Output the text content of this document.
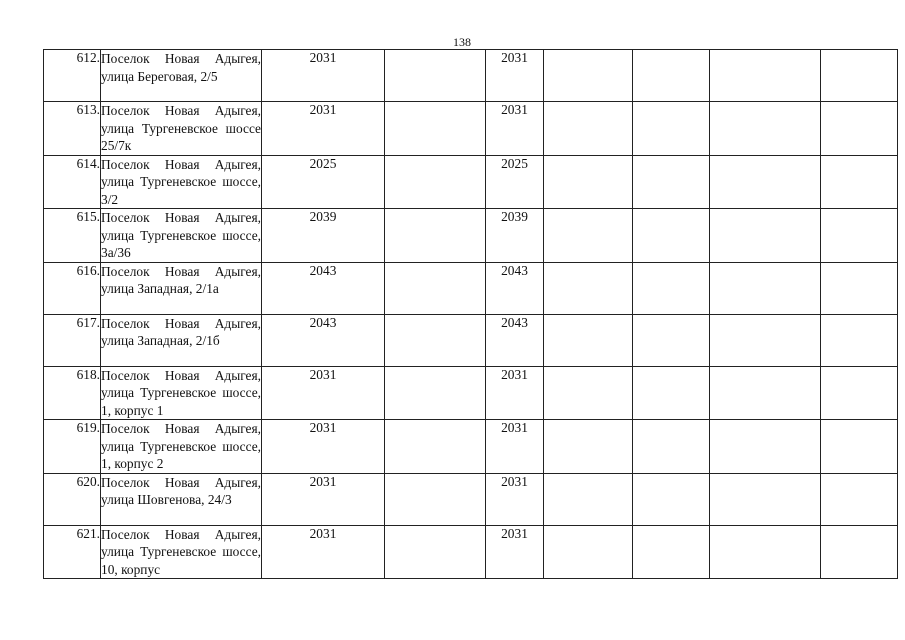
138
612.	Поселок Новая Адыгея, улица Береговая, 2/5	2031		2031				
613.	Поселок Новая Адыгея, улица Тургеневское шоссе 25/7к	2031		2031				
614.	Поселок Новая Адыгея, улица Тургеневское шоссе, 3/2	2025		2025				
615.	Поселок Новая Адыгея, улица Тургеневское шоссе, 3а/36	2039		2039				
616.	Поселок Новая Адыгея, улица Западная, 2/1а	2043		2043				
617.	Поселок Новая Адыгея, улица Западная, 2/1б	2043		2043				
618.	Поселок Новая Адыгея, улица Тургеневское шоссе, 1, корпус 1	2031		2031				
619.	Поселок Новая Адыгея, улица Тургеневское шоссе, 1, корпус 2	2031		2031				
620.	Поселок Новая Адыгея, улица Шовгенова, 24/3	2031		2031				
621.	Поселок Новая Адыгея, улица Тургеневское шоссе, 10, корпус	2031		2031				
